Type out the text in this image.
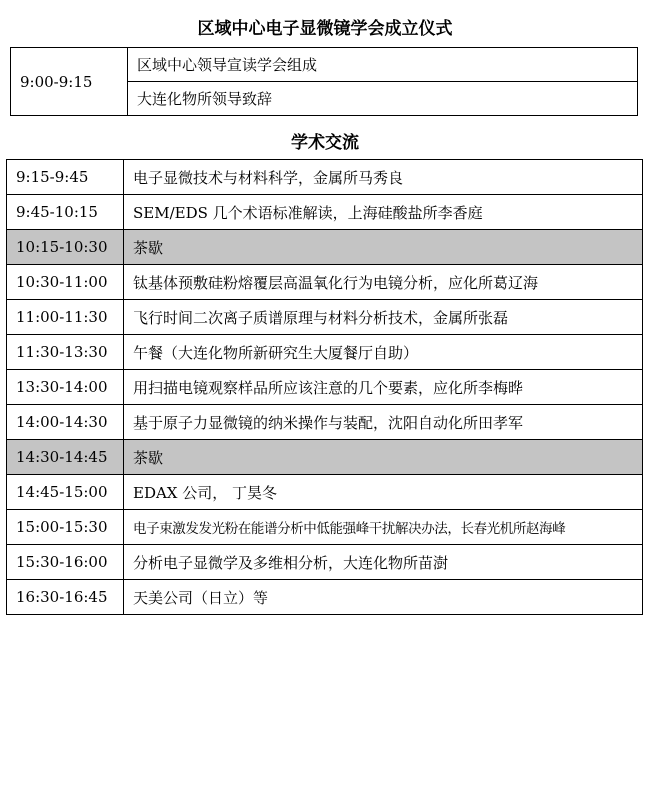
区域中心电子显微镜学会成立仪式
9:00-9:15	区域中心领导宣读学会组成
大连化物所领导致辞
学术交流
9:15-9:45	电子显微技术与材料科学，金属所马秀良
9:45-10:15	SEM/EDS 几个术语标准解读，上海硅酸盐所李香庭
10:15-10:30	茶歇
10:30-11:00	钛基体预敷硅粉熔覆层高温氧化行为电镜分析，应化所葛辽海
11:00-11:30	飞行时间二次离子质谱原理与材料分析技术，金属所张磊
11:30-13:30	午餐（大连化物所新研究生大厦餐厅自助）
13:30-14:00	用扫描电镜观察样品所应该注意的几个要素，应化所李梅晔
14:00-14:30	基于原子力显微镜的纳米操作与装配，沈阳自动化所田孝军
14:30-14:45	茶歇
14:45-15:00	EDAX 公司， 丁昊冬
15:00-15:30	电子束激发发光粉在能谱分析中低能强峰干扰解决办法，长春光机所赵海峰
15:30-16:00	分析电子显微学及多维相分析，大连化物所苗澍
16:30-16:45	天美公司（日立）等
